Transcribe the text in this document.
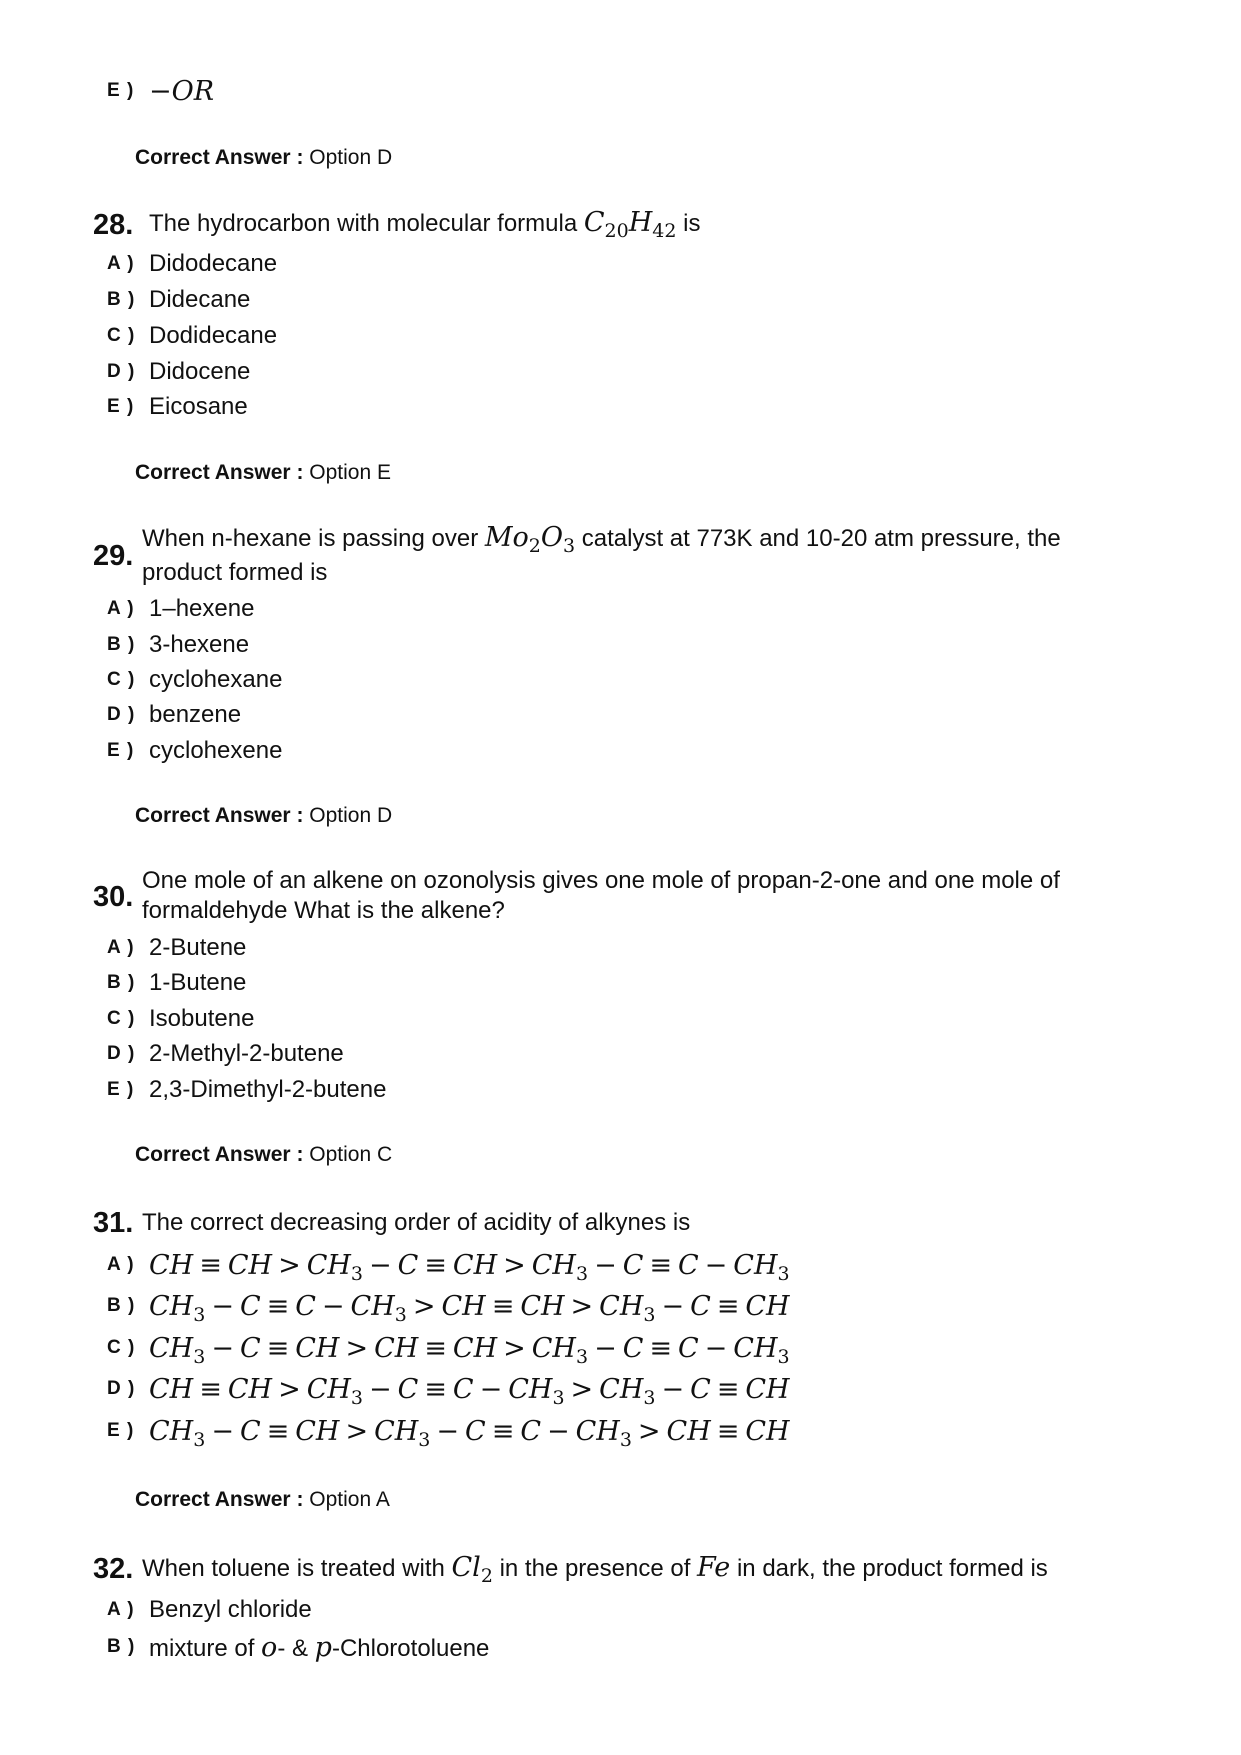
E ) −OR
Correct Answer : Option D
28. The hydrocarbon with molecular formula $C_{20}H_{42}$ is
A ) Didodecane
B ) Didecane
C ) Dodidecane
D ) Didocene
E ) Eicosane
Correct Answer : Option E
29.
When n-hexane is passing over $Mo_2O_3$ catalyst at 773K and 10-20 atm pressure, the
product formed is
A ) 1–hexene
B ) 3-hexene
C ) cyclohexane
D ) benzene
E ) cyclohexene
Correct Answer : Option D
30.
One mole of an alkene on ozonolysis gives one mole of propan-2-one and one mole of
formaldehyde What is the alkene?
A ) 2-Butene
B ) 1-Butene
C ) Isobutene
D ) 2-Methyl-2-butene
E ) 2,3-Dimethyl-2-butene
Correct Answer : Option C
31. The correct decreasing order of acidity of alkynes is
A ) CH ≡ CH > $CH_3 - C$ ≡ CH > $CH_3 - C \equiv C - CH_3$
B ) $CH_3 - C \equiv C - CH_3$ > CH ≡ CH > $CH_3 - C$ ≡ CH
C ) $CH_3 - C$ ≡ CH > CH ≡ CH > $CH_3 - C \equiv C - CH_3$
D ) CH ≡ CH > $CH_3 - C \equiv C - CH_3 > CH_3 - C$ ≡ CH
E ) $CH_3 - C$ ≡ CH > $CH_3 - C \equiv C - CH_3$ > CH ≡ CH
Correct Answer : Option A
32. When toluene is treated with $Cl_2$ in the presence of Fe in dark, the product formed is
A ) Benzyl chloride
B ) mixture of o- & p-Chlorotoluene
